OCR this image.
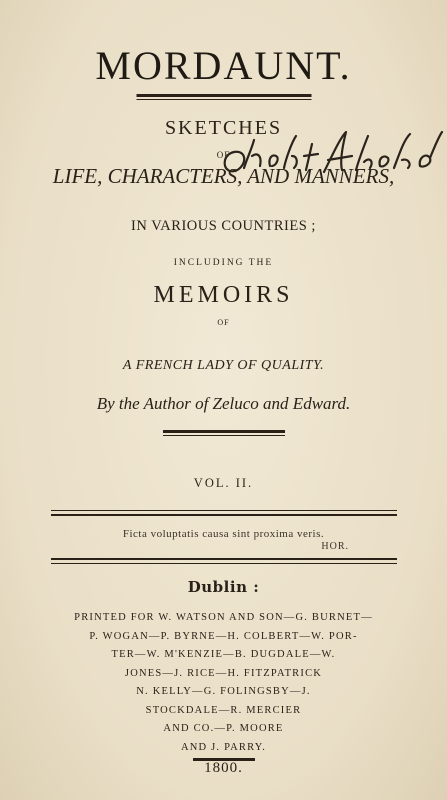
MORDAUNT.
SKETCHES
OF
LIFE, CHARACTERS, AND MANNERS,
IN VARIOUS COUNTRIES ;
INCLUDING THE
MEMOIRS
OF
A FRENCH LADY OF QUALITY.
By the Author of Zeluco and Edward.
VOL. II.
Ficta voluptatis causa sint proxima veris.
HOR.
Dublin :
PRINTED FOR W. WATSON AND SON—G. BURNET—
P. WOGAN—P. BYRNE—H. COLBERT—W. POR-
TER—W. M'KENZIE—B. DUGDALE—W.
JONES—J. RICE—H. FITZPATRICK
N. KELLY—G. FOLINGSBY—J.
STOCKDALE—R. MERCIER
AND CO.—P. MOORE
AND J. PARRY.
1800.
